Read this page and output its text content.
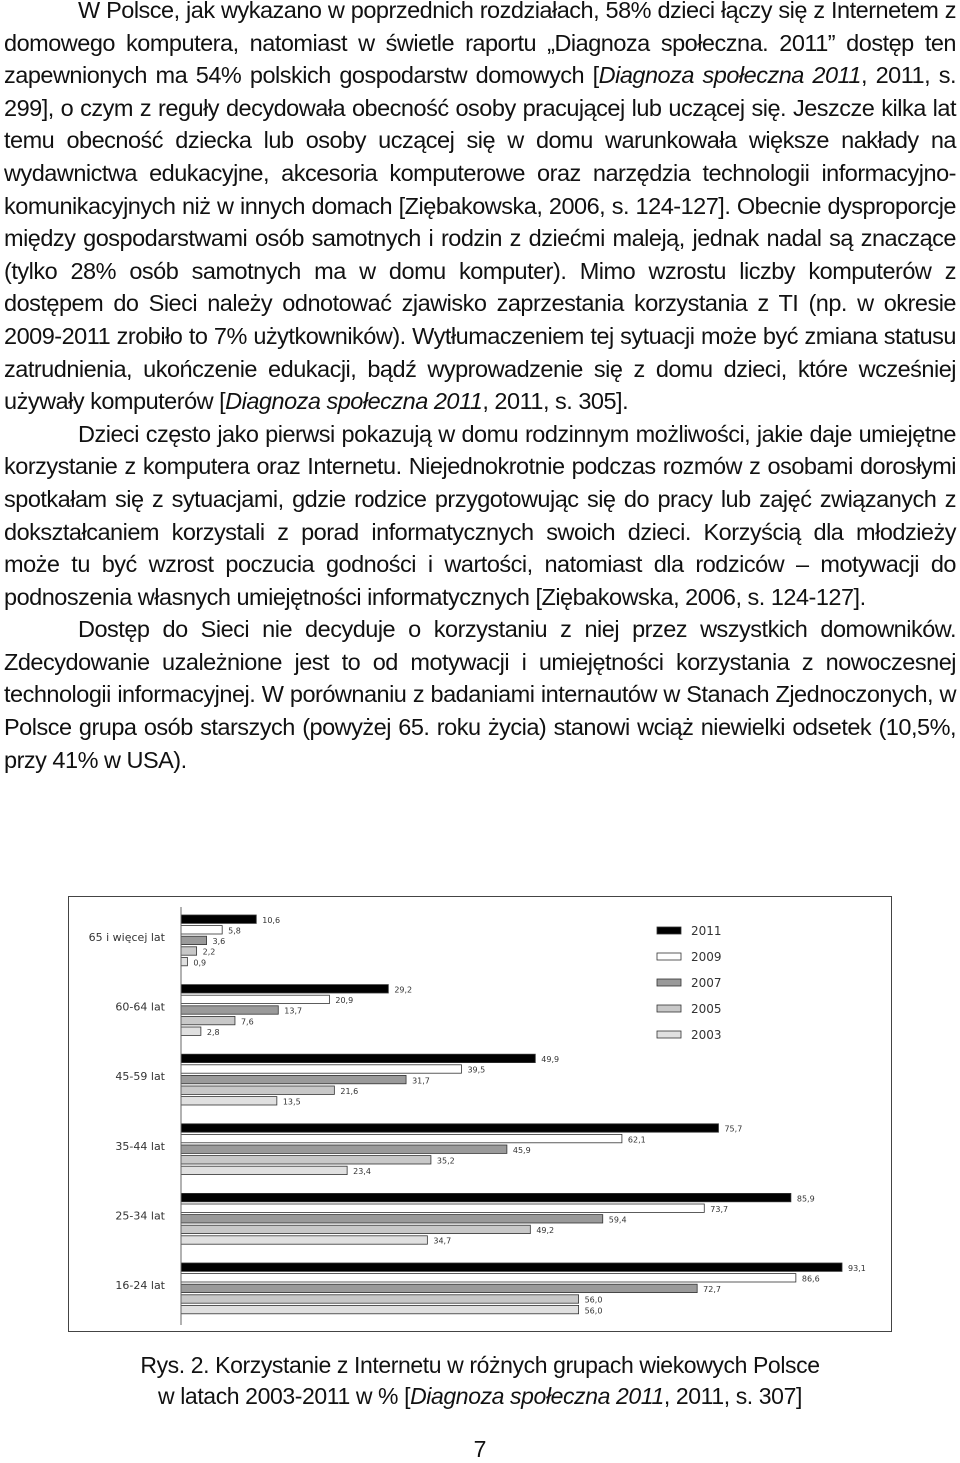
W Polsce, jak wykazano w poprzednich rozdziałach, 58% dzieci łączy się z Internetem z domowego komputera, natomiast w świetle raportu „Diagnoza społeczna. 2011” dostęp ten zapewnionych ma 54% polskich gospodarstw domowych [Diagnoza społeczna 2011, 2011, s. 299], o czym z reguły decydowała obecność osoby pracującej lub uczącej się. Jeszcze kilka lat temu obecność dziecka lub osoby uczącej się w domu warunkowała większe nakłady na wydawnictwa edukacyjne, akcesoria komputerowe oraz narzędzia technologii informacyjno-komunikacyjnych niż w innych domach [Ziębakowska, 2006, s. 124-127]. Obecnie dysproporcje między gospodarstwami osób samotnych i rodzin z dziećmi maleją, jednak nadal są znaczące (tylko 28% osób samotnych ma w domu komputer). Mimo wzrostu liczby komputerów z dostępem do Sieci należy odnotować zjawisko zaprzestania korzystania z TI (np. w okresie 2009-2011 zrobiło to 7% użytkowników). Wytłumaczeniem tej sytuacji może być zmiana statusu zatrudnienia, ukończenie edukacji, bądź wyprowadzenie się z domu dzieci, które wcześniej używały komputerów [Diagnoza społeczna 2011, 2011, s. 305].

Dzieci często jako pierwsi pokazują w domu rodzinnym możliwości, jakie daje umiejętne korzystanie z komputera oraz Internetu. Niejednokrotnie podczas rozmów z osobami dorosłymi spotkałam się z sytuacjami, gdzie rodzice przygotowując się do pracy lub zajęć związanych z dokształcaniem korzystali z porad informatycznych swoich dzieci. Korzyścią dla młodzieży może tu być wzrost poczucia godności i wartości, natomiast dla rodziców – motywacji do podnoszenia własnych umiejętności informatycznych [Ziębakowska, 2006, s. 124-127].

Dostęp do Sieci nie decyduje o korzystaniu z niej przez wszystkich domowników. Zdecydowanie uzależnione jest to od motywacji i umiejętności korzystania z nowoczesnej technologii informacyjnej. W porównaniu z badaniami internautów w Stanach Zjednoczonych, w Polsce grupa osób starszych (powyżej 65. roku życia) stanowi wciąż niewielki odsetek (10,5%, przy 41% w USA).

65 i więcej lat
10,6
5,8
3,6
2,2
0,9
60-64 lat
29,2
20,9
13,7
7,6
2,8
45-59 lat
49,9
39,5
31,7
21,6
13,5
35-44 lat
75,7
62,1
45,9
35,2
23,4
25-34 lat
85,9
73,7
59,4
49,2
34,7
16-24 lat
93,1
86,6
72,7
56,0
56,0
2011
2009
2007
2005
2003
Rys. 2. Korzystanie z Internetu w różnych grupach wiekowych Polsce
w latach 2003-2011 w % [Diagnoza społeczna 2011, 2011, s. 307]
7
